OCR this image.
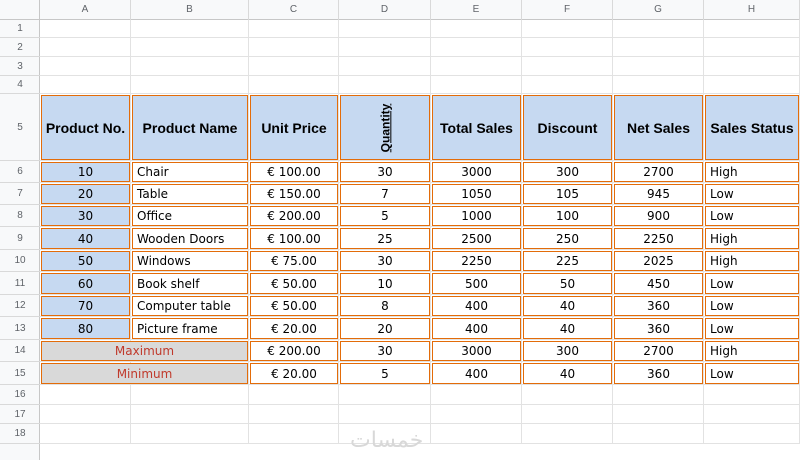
A	B	C	D	E	F	G	H
1
2
3
4
5
6
7
8
9
10
11
12
13
14
15
16
17
18
Product No.	Product Name	Unit Price	Quantity	Total Sales	Discount	Net Sales	Sales Status
10	Chair	€ 100.00	30	3000	300	2700	High
20	Table	€ 150.00	7	1050	105	945	Low
30	Office	€ 200.00	5	1000	100	900	Low
40	Wooden Doors	€ 100.00	25	2500	250	2250	High
50	Windows	€ 75.00	30	2250	225	2025	High
60	Book shelf	€ 50.00	10	500	50	450	Low
70	Computer table	€ 50.00	8	400	40	360	Low
80	Picture frame	€ 20.00	20	400	40	360	Low
Maximum	€ 200.00	30	3000	300	2700	High
Minimum	€ 20.00	5	400	40	360	Low
خمسات
